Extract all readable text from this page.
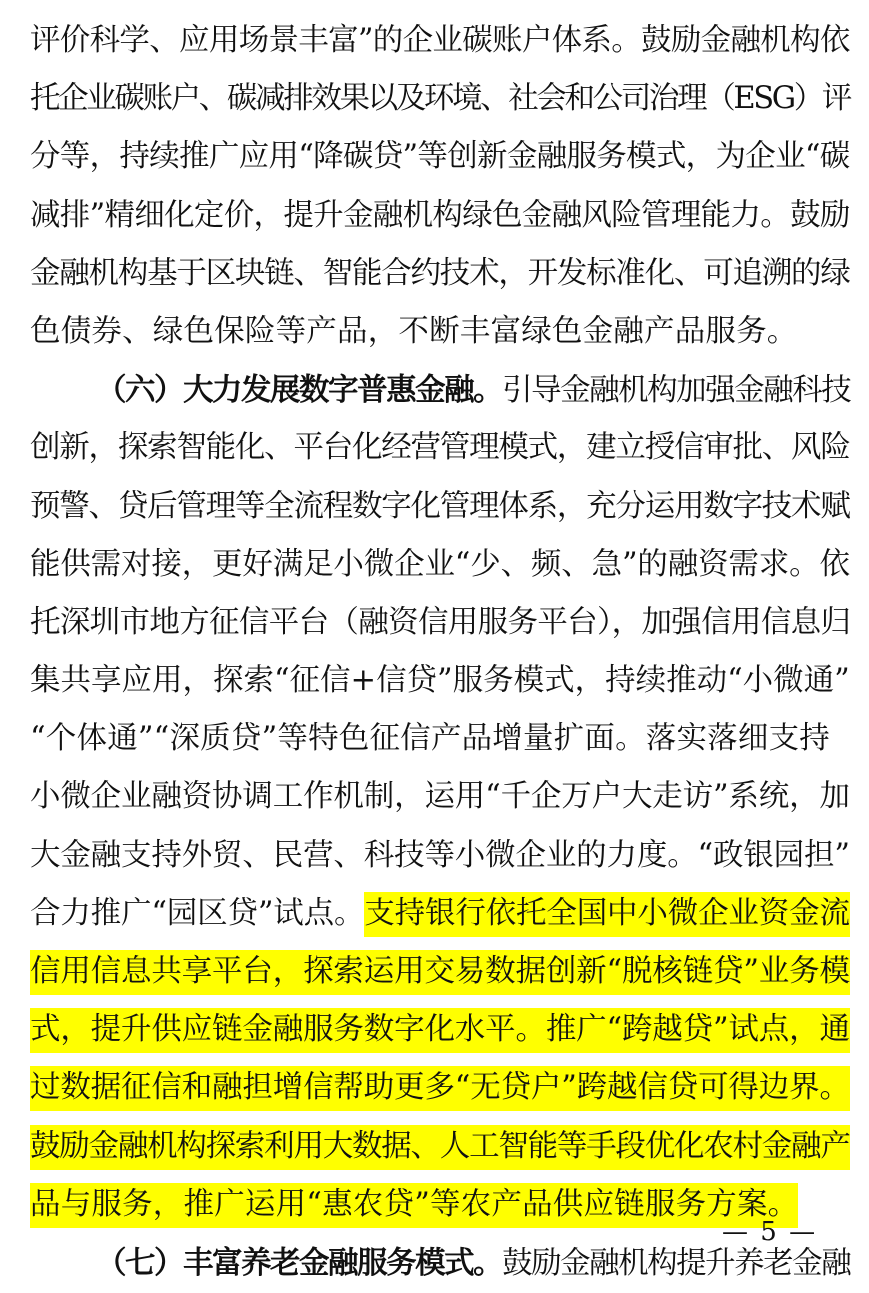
评价科学、应用场景丰富”的企业碳账户体系。鼓励金融机构依
托企业碳账户、碳减排效果以及环境、社会和公司治理（ESG）评
分等，持续推广应用“降碳贷”等创新金融服务模式，为企业“碳
减排”精细化定价，提升金融机构绿色金融风险管理能力。鼓励
金融机构基于区块链、智能合约技术，开发标准化、可追溯的绿
色债券、绿色保险等产品，不断丰富绿色金融产品服务。
（六）大力发展数字普惠金融。引导金融机构加强金融科技
创新，探索智能化、平台化经营管理模式，建立授信审批、风险
预警、贷后管理等全流程数字化管理体系，充分运用数字技术赋
能供需对接，更好满足小微企业“少、频、急”的融资需求。依
托深圳市地方征信平台（融资信用服务平台），加强信用信息归
集共享应用，探索“征信+信贷”服务模式，持续推动“小微通”
“个体通”“深质贷”等特色征信产品增量扩面。落实落细支持
小微企业融资协调工作机制，运用“千企万户大走访”系统，加
大金融支持外贸、民营、科技等小微企业的力度。“政银园担”
合力推广“园区贷”试点。支持银行依托全国中小微企业资金流
信用信息共享平台，探索运用交易数据创新“脱核链贷”业务模
式，提升供应链金融服务数字化水平。推广“跨越贷”试点，通
过数据征信和融担增信帮助更多“无贷户”跨越信贷可得边界。
鼓励金融机构探索利用大数据、人工智能等手段优化农村金融产
品与服务，推广运用“惠农贷”等农产品供应链服务方案。
（七）丰富养老金融服务模式。鼓励金融机构提升养老金融
— 5 —
